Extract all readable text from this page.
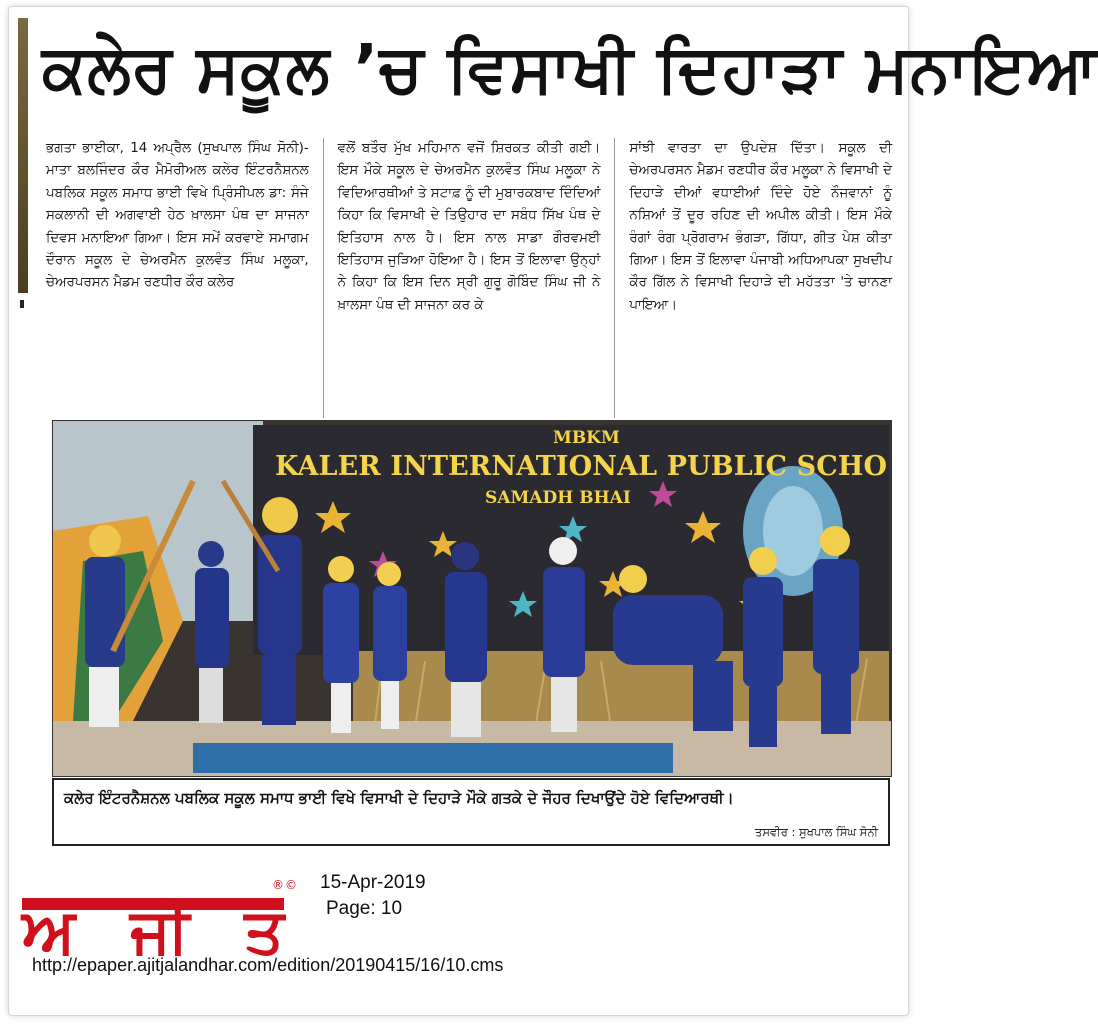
ਕਲੇਰ ਸਕੂਲ ’ਚ ਵਿਸਾਖੀ ਦਿਹਾੜਾ ਮਨਾਇਆ
ਭਗਤਾ ਭਾਈਕਾ, 14 ਅਪ੍ਰੈਲ (ਸੁਖਪਾਲ ਸਿੰਘ ਸੋਨੀ)-ਮਾਤਾ ਬਲਜਿੰਦਰ ਕੌਰ ਮੈਮੋਰੀਅਲ ਕਲੇਰ ਇੰਟਰਨੈਸ਼ਨਲ ਪਬਲਿਕ ਸਕੂਲ ਸਮਾਧ ਭਾਈ ਵਿਖੇ ਪ੍ਰਿੰਸੀਪਲ ਡਾ: ਸੰਜੇ ਸਕਲਾਨੀ ਦੀ ਅਗਵਾਈ ਹੇਠ ਖ਼ਾਲਸਾ ਪੰਥ ਦਾ ਸਾਜਨਾ ਦਿਵਸ ਮਨਾਇਆ ਗਿਆ। ਇਸ ਸਮੇਂ ਕਰਵਾਏ ਸਮਾਗਮ ਦੌਰਾਨ ਸਕੂਲ ਦੇ ਚੇਅਰਮੈਨ ਕੁਲਵੰਤ ਸਿੰਘ ਮਲੂਕਾ, ਚੇਅਰਪਰਸਨ ਮੈਡਮ ਰਣਧੀਰ ਕੌਰ ਕਲੇਰ
ਵਲੋਂ ਬਤੌਰ ਮੁੱਖ ਮਹਿਮਾਨ ਵਜੋਂ ਸ਼ਿਰਕਤ ਕੀਤੀ ਗਈ। ਇਸ ਮੌਕੇ ਸਕੂਲ ਦੇ ਚੇਅਰਮੈਨ ਕੁਲਵੰਤ ਸਿੰਘ ਮਲੂਕਾ ਨੇ ਵਿਦਿਆਰਥੀਆਂ ਤੇ ਸਟਾਫ਼ ਨੂੰ ਦੀ ਮੁਬਾਰਕਬਾਦ ਦਿੰਦਿਆਂ ਕਿਹਾ ਕਿ ਵਿਸਾਖੀ ਦੇ ਤਿਉਹਾਰ ਦਾ ਸਬੰਧ ਸਿੱਖ ਪੰਥ ਦੇ ਇਤਿਹਾਸ ਨਾਲ ਹੈ। ਇਸ ਨਾਲ ਸਾਡਾ ਗੌਰਵਮਈ ਇਤਿਹਾਸ ਜੁੜਿਆ ਹੋਇਆ ਹੈ। ਇਸ ਤੋਂ ਇਲਾਵਾ ਉਨ੍ਹਾਂ ਨੇ ਕਿਹਾ ਕਿ ਇਸ ਦਿਨ ਸ੍ਰੀ ਗੁਰੂ ਗੋਬਿੰਦ ਸਿੰਘ ਜੀ ਨੇ ਖ਼ਾਲਸਾ ਪੰਥ ਦੀ ਸਾਜਨਾ ਕਰ ਕੇ
ਸਾਂਝੀ ਵਾਰਤਾ ਦਾ ਉਪਦੇਸ਼ ਦਿੱਤਾ। ਸਕੂਲ ਦੀ ਚੇਅਰਪਰਸਨ ਮੈਡਮ ਰਣਧੀਰ ਕੌਰ ਮਲੂਕਾ ਨੇ ਵਿਸਾਖੀ ਦੇ ਦਿਹਾੜੇ ਦੀਆਂ ਵਧਾਈਆਂ ਦਿੰਦੇ ਹੋਏ ਨੌਜਵਾਨਾਂ ਨੂੰ ਨਸ਼ਿਆਂ ਤੋਂ ਦੂਰ ਰਹਿਣ ਦੀ ਅਪੀਲ ਕੀਤੀ। ਇਸ ਮੌਕੇ ਰੰਗਾਂ ਰੰਗ ਪ੍ਰੋਗਰਾਮ ਭੰਗੜਾ, ਗਿੱਧਾ, ਗੀਤ ਪੇਸ਼ ਕੀਤਾ ਗਿਆ। ਇਸ ਤੋਂ ਇਲਾਵਾ ਪੰਜਾਬੀ ਅਧਿਆਪਕਾ ਸੁਖਦੀਪ ਕੌਰ ਗਿੱਲ ਨੇ ਵਿਸਾਖੀ ਦਿਹਾੜੇ ਦੀ ਮਹੱਤਤਾ 'ਤੇ ਚਾਨਣਾ ਪਾਇਆ।
MBKM
KALER INTERNATIONAL PUBLIC SCHO
SAMADH BHAI
ਕਲੇਰ ਇੰਟਰਨੈਸ਼ਨਲ ਪਬਲਿਕ ਸਕੂਲ ਸਮਾਧ ਭਾਈ ਵਿਖੇ ਵਿਸਾਖੀ ਦੇ ਦਿਹਾੜੇ ਮੌਕੇ ਗਤਕੇ ਦੇ ਜੌਹਰ ਦਿਖਾਉਂਦੇ ਹੋਏ ਵਿਦਿਆਰਥੀ।
ਤਸਵੀਰ : ਸੁਖਪਾਲ ਸਿੰਘ ਸੋਨੀ
ਅਜੀਤ
®© 15-Apr-2019
Page: 10
http://epaper.ajitjalandhar.com/edition/20190415/16/10.cms
